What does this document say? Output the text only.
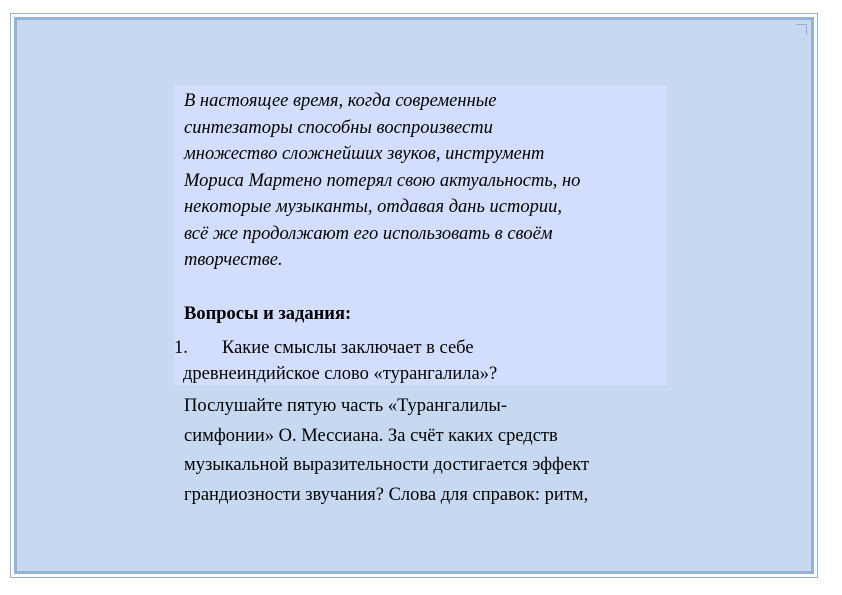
В настоящее время, когда современные
синтезаторы способны воспроизвести
множество сложнейших звуков, инструмент
Мориса Мартено потерял свою актуальность, но
некоторые музыканты, отдавая дань истории,
всё же продолжают его использовать в своём
творчестве.
Вопросы и задания:
1. Какие смыслы заключает в себе
древнеиндийское слово «турангалила»?
Послушайте пятую часть «Турангалилы-
симфонии» О. Мессиана. За счёт каких средств
музыкальной выразительности достигается эффект
грандиозности звучания? Слова для справок: ритм,
